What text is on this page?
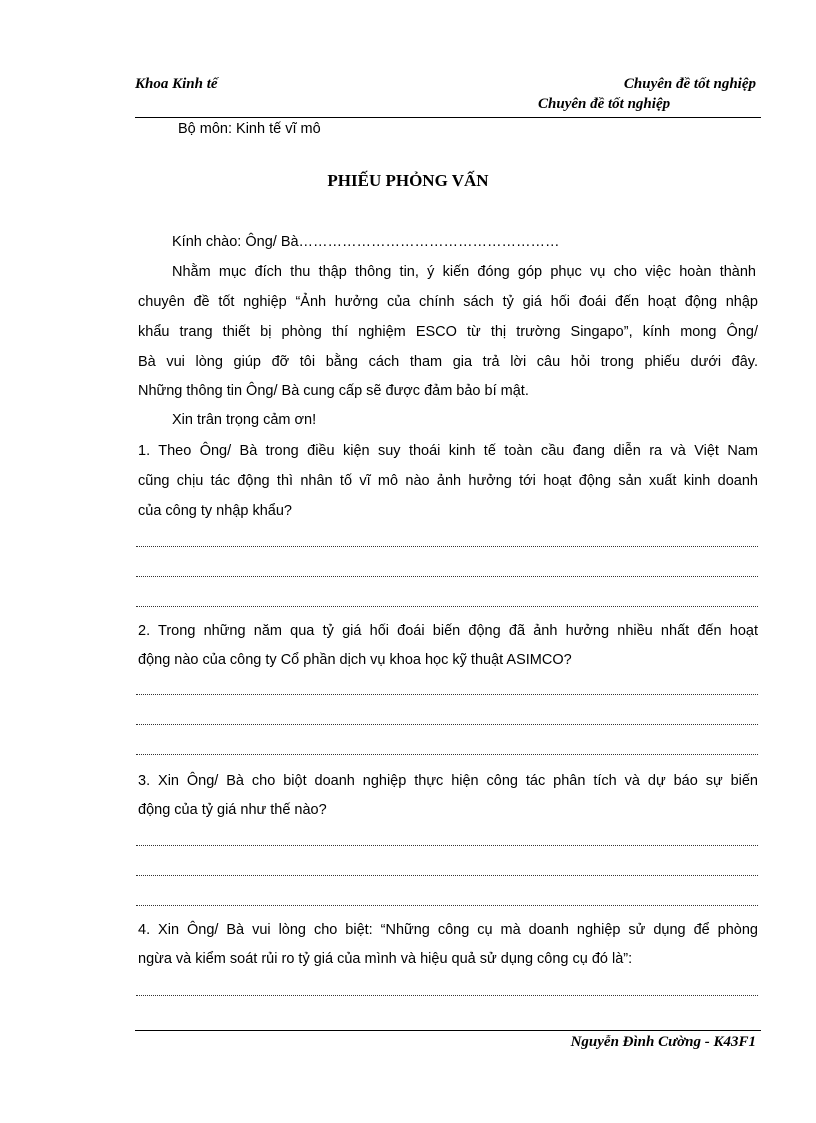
Khoa Kinh tế	Chuyên đề tốt nghiệp
Chuyên đề tốt nghiệp
Bộ môn: Kinh tế vĩ mô
PHIẾU PHỎNG VẤN
Kính chào: Ông/ Bà………………………………………………
Nhằm mục đích thu thập thông tin, ý kiến đóng góp phục vụ cho việc hoàn thành
chuyên đề tốt nghiệp “Ảnh hưởng của chính sách tỷ giá hối đoái đến hoạt động nhập
khẩu trang thiết bị phòng thí nghiệm ESCO từ thị trường Singapo”, kính mong Ông/
Bà vui lòng giúp đỡ tôi bằng cách tham gia trả lời câu hỏi trong phiếu dưới đây.
Những thông tin Ông/ Bà cung cấp sẽ được đảm bảo bí mật.
Xin trân trọng cảm ơn!
1. Theo Ông/ Bà trong điều kiện suy thoái kinh tế toàn cầu đang diễn ra và Việt Nam
cũng chịu tác động thì nhân tố vĩ mô nào ảnh hưởng tới hoạt động sản xuất kinh doanh
của công ty nhập khẩu?
2. Trong những năm qua tỷ giá hối đoái biến động đã ảnh hưởng nhiều nhất đến hoạt
động nào của công ty Cổ phần dịch vụ khoa học kỹ thuật ASIMCO?
3. Xin Ông/ Bà cho biột doanh nghiệp thực hiện công tác phân tích và dự báo sự biến
động của tỷ giá như thế nào?
4. Xin Ông/ Bà vui lòng cho biệt: “Những công cụ mà doanh nghiệp sử dụng để phòng
ngừa và kiểm soát rủi ro tỷ giá của mình và hiệu quả sử dụng công cụ đó là”:
Nguyễn Đình Cường - K43F1
